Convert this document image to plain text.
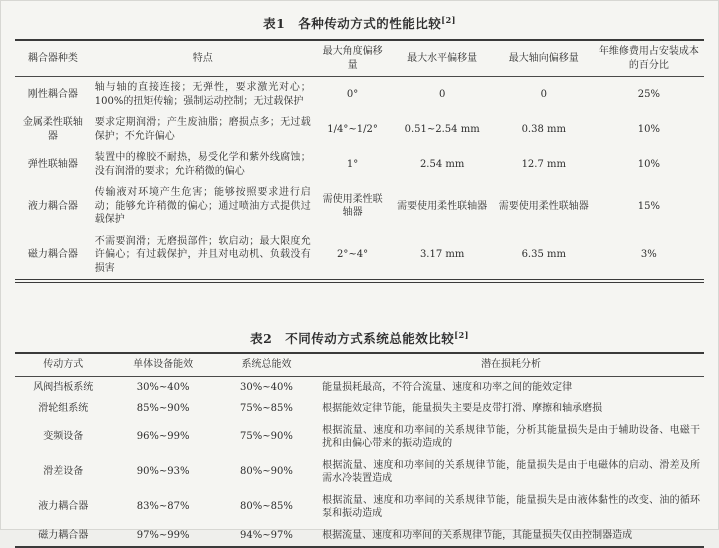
表1　各种传动方式的性能比较[2]
耦合器种类	特点	最大角度偏移量	最大水平偏移量	最大轴向偏移量	年维修费用占安装成本的百分比
刚性耦合器	轴与轴的直接连接；无弹性，要求激光对心；100%的扭矩传输；强制运动控制；无过载保护	0°	0	0	25%
金属柔性联轴器	要求定期润滑；产生废油脂；磨损点多；无过载保护；不允许偏心	1/4°~1/2°	0.51~2.54 mm	0.38 mm	10%
弹性联轴器	装置中的橡胶不耐热，易受化学和紫外线腐蚀；没有润滑的要求；允许稍微的偏心	1°	2.54 mm	12.7 mm	10%
液力耦合器	传输液对环境产生危害；能够按照要求进行启动；能够允许稍微的偏心；通过喷油方式提供过载保护	需使用柔性联轴器	需要使用柔性联轴器	需要使用柔性联轴器	15%
磁力耦合器	不需要润滑；无磨损部件；软启动；最大限度允许偏心；有过载保护，并且对电动机、负载没有损害	2°~4°	3.17 mm	6.35 mm	3%
表2　不同传动方式系统总能效比较[2]
传动方式	单体设备能效	系统总能效	潜在损耗分析
风阀挡板系统	30%~40%	30%~40%	能量损耗最高，不符合流量、速度和功率之间的能效定律
滑轮组系统	85%~90%	75%~85%	根据能效定律节能，能量损失主要是皮带打滑、摩擦和轴承磨损
变频设备	96%~99%	75%~90%	根据流量、速度和功率间的关系规律节能，分析其能量损失是由于辅助设备、电磁干扰和由偏心带来的振动造成的
滑差设备	90%~93%	80%~90%	根据流量、速度和功率间的关系规律节能，能量损失是由于电磁体的启动、滑差及所需水冷装置造成
液力耦合器	83%~87%	80%~85%	根据流量、速度和功率间的关系规律节能，能量损失是由液体黏性的改变、油的循环泵和振动造成
磁力耦合器	97%~99%	94%~97%	根据流量、速度和功率间的关系规律节能，其能量损失仅由控制器造成
